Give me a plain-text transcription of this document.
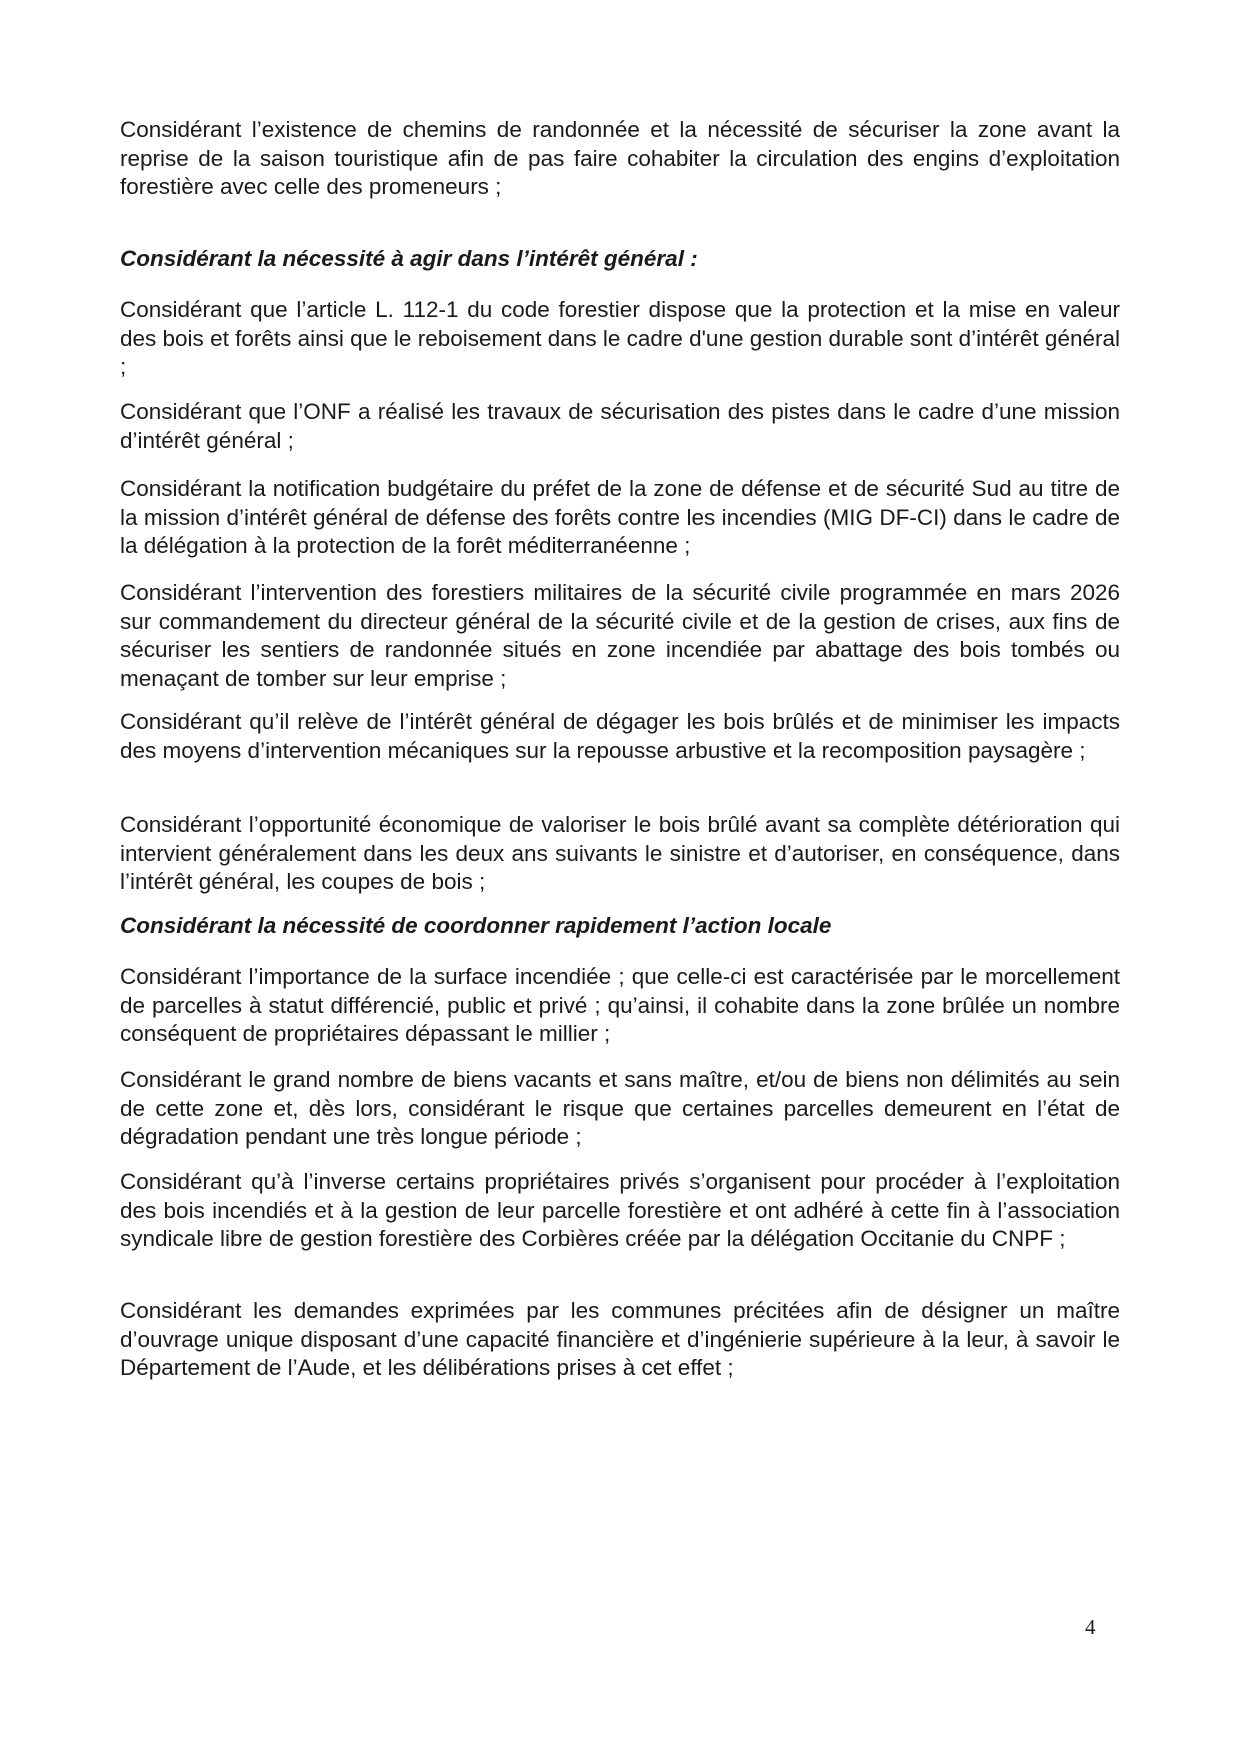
Considérant l’existence de chemins de randonnée et la nécessité de sécuriser la zone avant la reprise de la saison touristique afin de pas faire cohabiter la circulation des engins d’exploitation forestière avec celle des promeneurs ;

Considérant la nécessité à agir dans l’intérêt général :

Considérant que l’article L. 112-1 du code forestier dispose que la protection et la mise en valeur des bois et forêts ainsi que le reboisement dans le cadre d'une gestion durable sont d’intérêt général ;

Considérant que l’ONF a réalisé les travaux de sécurisation des pistes dans le cadre d’une mission d’intérêt général ;

Considérant la notification budgétaire du préfet de la zone de défense et de sécurité Sud au titre de la mission d’intérêt général de défense des forêts contre les incendies (MIG DF-CI) dans le cadre de la délégation à la protection de la forêt méditerranéenne ;

Considérant l’intervention des forestiers militaires de la sécurité civile programmée en mars 2026 sur commandement du directeur général de la sécurité civile et de la gestion de crises, aux fins de sécuriser les sentiers de randonnée situés en zone incendiée par abattage des bois tombés ou menaçant de tomber sur leur emprise ;

Considérant qu’il relève de l’intérêt général de dégager les bois brûlés et de minimiser les impacts des moyens d’intervention mécaniques sur la repousse arbustive et la recomposition paysagère ;

Considérant l’opportunité économique de valoriser le bois brûlé avant sa complète détérioration qui intervient généralement dans les deux ans suivants le sinistre et d’autoriser, en conséquence, dans l’intérêt général, les coupes de bois ;

Considérant la nécessité de coordonner rapidement l’action locale

Considérant l’importance de la surface incendiée ; que celle-ci est caractérisée par le morcellement de parcelles à statut différencié, public et privé ; qu’ainsi, il cohabite dans la zone brûlée un nombre conséquent de propriétaires dépassant le millier ;

Considérant le grand nombre de biens vacants et sans maître, et/ou de biens non délimités au sein de cette zone et, dès lors, considérant le risque que certaines parcelles demeurent en l’état de dégradation pendant une très longue période ;

Considérant qu’à l’inverse certains propriétaires privés s’organisent pour procéder à l’exploitation des bois incendiés et à la gestion de leur parcelle forestière et ont adhéré à cette fin à l’association syndicale libre de gestion forestière des Corbières créée par la délégation Occitanie du CNPF ;

Considérant les demandes exprimées par les communes précitées afin de désigner un maître d’ouvrage unique disposant d’une capacité financière et d’ingénierie supérieure à la leur, à savoir le Département de l’Aude, et les délibérations prises à cet effet ;

4
